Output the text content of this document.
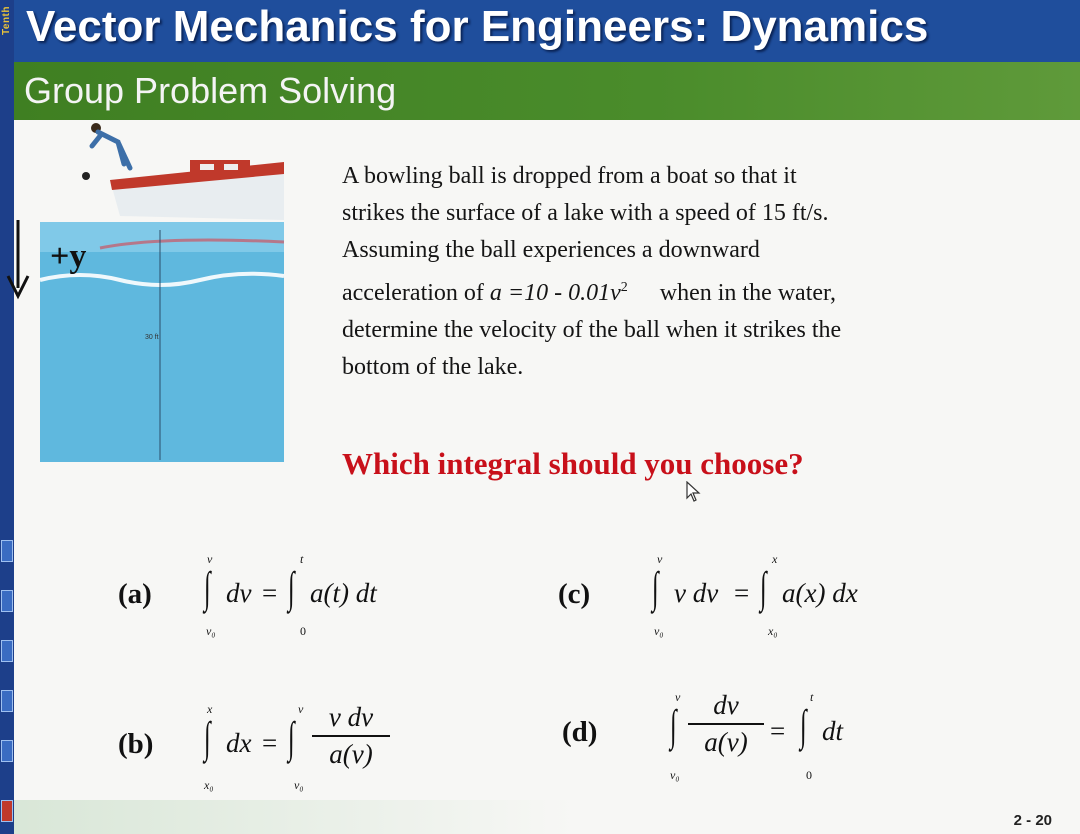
Tenth Vector Mechanics for Engineers: Dynamics
Group Problem Solving
+y
30 ft
A bowling ball is dropped from a boat so that it
strikes the surface of a lake with a speed of 15 ft/s.
Assuming the ball experiences a downward
acceleration of $a =10 - 0.01v^2$ when in the water,
determine the velocity of the ball when it strikes the
bottom of the lake.
Which integral should you choose?
(a)
v
∫
v₀
dv =
t
∫
0
a(t) dt
(b)
x
∫
x₀
dx =
v
∫
v₀
v dv
a(v)
(c)
v
∫
v₀
v dv =
x
∫
x₀
a(x) dx
(d)
v
∫
v₀
dv
a(v) =
t
∫
0
dt
2 - 20
